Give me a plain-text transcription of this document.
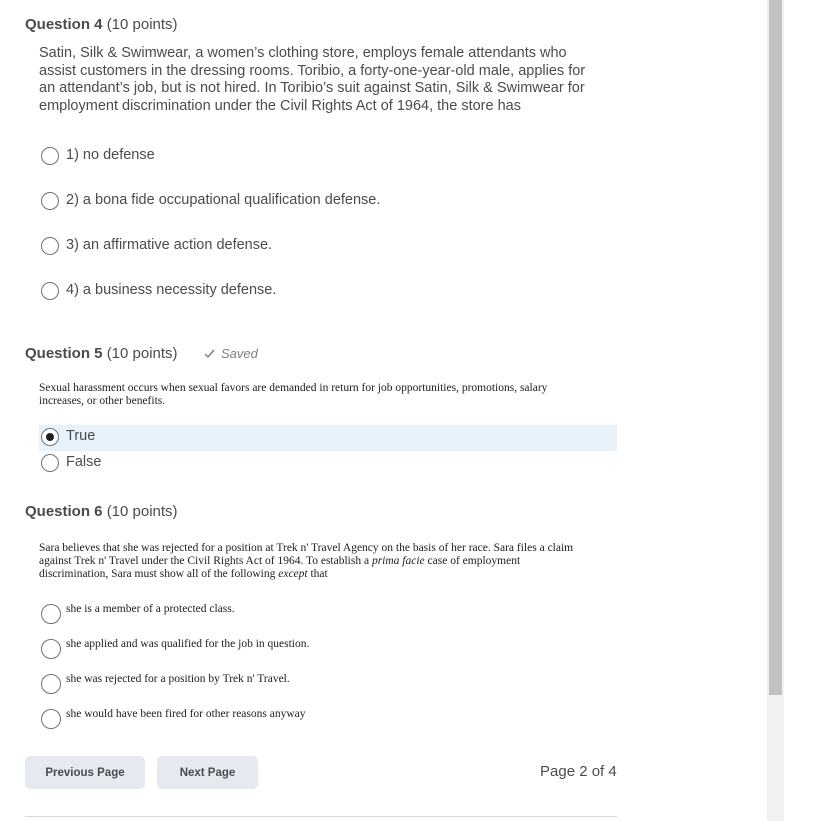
Question 4 (10 points)
Satin, Silk & Swimwear, a women’s clothing store, employs female attendants who
assist customers in the dressing rooms. Toribio, a forty-one-year-old male, applies for
an attendant’s job, but is not hired. In Toribio’s suit against Satin, Silk & Swimwear for
employment discrimination under the Civil Rights Act of 1964, the store has
1) no defense
2) a bona fide occupational qualification defense.
3) an affirmative action defense.
4) a business necessity defense.
Question 5 (10 points)	Saved
Sexual harassment occurs when sexual favors are demanded in return for job opportunities, promotions, salary
increases, or other benefits.
True
False
Question 6 (10 points)
Sara believes that she was rejected for a position at Trek n' Travel Agency on the basis of her race. Sara files a claim
against Trek n' Travel under the Civil Rights Act of 1964. To establish a prima facie case of employment
discrimination, Sara must show all of the following except that
she is a member of a protected class.
she applied and was qualified for the job in question.
she was rejected for a position by Trek n' Travel.
she would have been fired for other reasons anyway
Previous Page	Next Page	Page 2 of 4
